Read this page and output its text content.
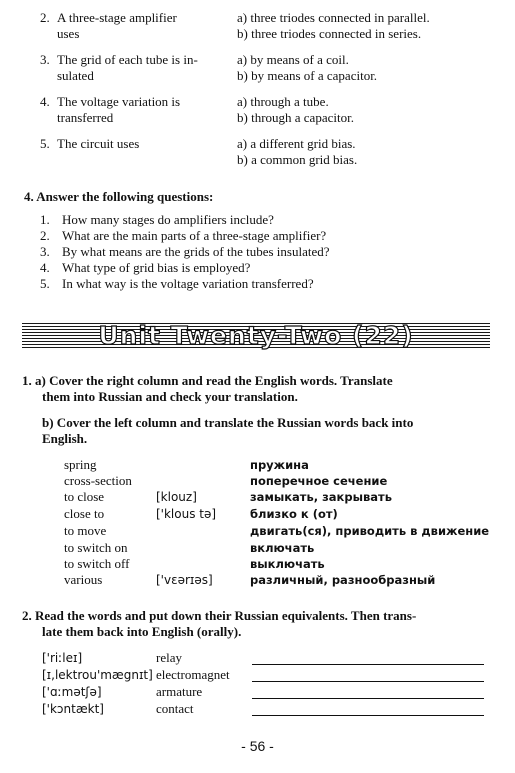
2. A three-stage amplifier
uses
a) three triodes connected in parallel.
b) three triodes connected in series.
3. The grid of each tube is in-
sulated
a) by means of a coil.
b) by means of a capacitor.
4. The voltage variation is
transferred
a) through a tube.
b) through a capacitor.
5. The circuit uses	a) a different grid bias.
b) a common grid bias.
4. Answer the following questions:
1. How many stages do amplifiers include?
2. What are the main parts of a three-stage amplifier?
3. By what means are the grids of the tubes insulated?
4. What type of grid bias is employed?
5. In what way is the voltage variation transferred?
Unit Twenty-Two (22)
1. a) Cover the right column and read the English words. Translate
them into Russian and check your translation.
b) Cover the left column and translate the Russian words back into
English.
spring	пружина
cross-section	поперечное сечение
to close	[klouz]	замыкать, закрывать
close to	['klous tə]	близко к (от)
to move	двигать(ся), приводить в движение
to switch on	включать
to switch off	выключать
various	['vɛərɪəs]	различный, разнообразный
2. Read the words and put down their Russian equivalents. Then trans-
late them back into English (orally).
['riːleɪ]	relay
[ɪ,lektrou'mægnɪt] electromagnet
['ɑːmətʃə]	armature
['kɔntækt]	contact
- 56 -
